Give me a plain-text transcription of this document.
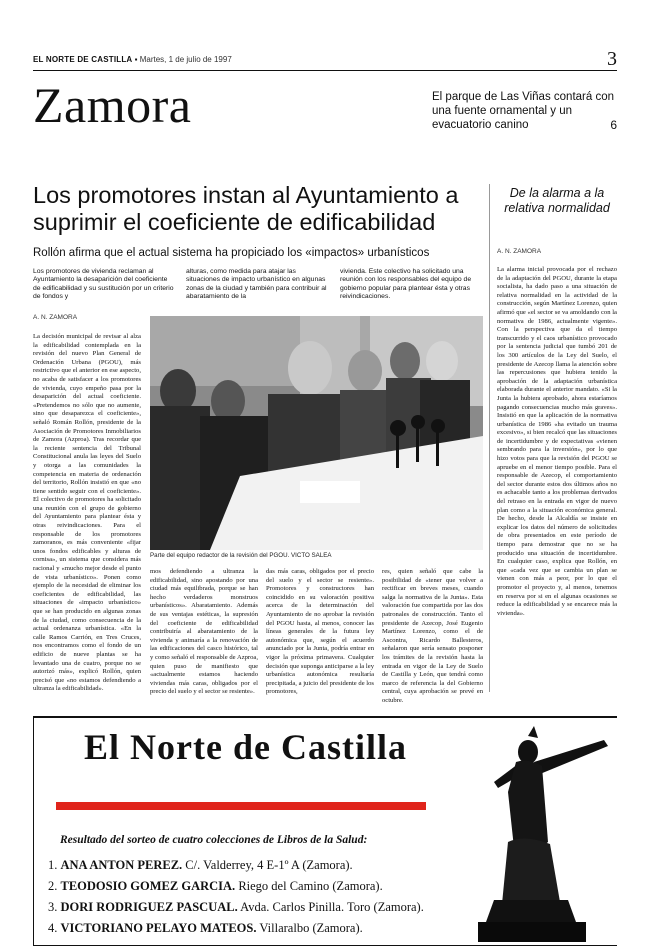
EL NORTE DE CASTILLA ▪ Martes, 1 de julio de 1997	3
Zamora	El parque de Las Viñas contará con una fuente ornamental y un evacuatorio canino	6
Los promotores instan al Ayuntamiento a suprimir el coeficiente de edificabilidad
Rollón afirma que el actual sistema ha propiciado los «impactos» urbanísticos
Los promotores de vivienda reclaman al Ayuntamiento la desaparición del coeficiente de edificabilidad y su sustitución por un criterio de fondos y
alturas, como medida para atajar las situaciones de impacto urbanístico en algunas zonas de la ciudad y también para contribuir al abaratamiento de la
vivienda. Este colectivo ha solicitado una reunión con los responsables del equipo de gobierno popular para plantear ésta y otras reivindicaciones.
A. N. ZAMORA
La decisión municipal de revisar al alza la edificabilidad contemplada en la revisión del nuevo Plan General de Ordenación Urbana (PGOU), más restrictivo que el anterior en ese aspecto, no acaba de satisfacer a los promotores de vivienda, cuyo empeño pasa por la desaparición del actual coeficiente. «Pretendemos no sólo que no aumente, sino que desaparezca el coeficiente», señaló Román Rollón, presidente de la Asociación de Promotores Inmobiliarios de Zamora (Azproa). Tras recordar que la reciente sentencia del Tribunal Constitucional anula las leyes del Suelo y otorga a las comunidades la competencia en materia de ordenación del territorio, Rollón insistió en que «no tiene sentido seguir con el coeficiente». El colectivo de promotores ha solicitado una reunión con el grupo de gobierno del Ayuntamiento para plantear ésta y otras reivindicaciones. Para el responsable de los promotores zamoranos, es más conveniente «fijar unos fondos edificables y alturas de cornisa», un sistema que considera más racional y «mucho mejor desde el punto de vista urbanístico». Ponen como ejemplo de la necesidad de eliminar los coeficientes de edificabilidad, las situaciones de «impacto urbanístico» que se han producido en algunas zonas de la ciudad, como consecuencia de la actual ordenanza urbanística. «En la calle Ramos Carrión, en Tres Cruces, nos encontramos como el fondo de un edificio de nueve plantas se ha levantado una de cuatro, porque no se autorizó más», explicó Rollón, quien precisó que «no estamos defendiendo a ultranza la edificabilidad».
Parte del equipo redactor de la revisión del PGOU. VICTO SALEA
mos defendiendo a ultranza la edificabilidad, sino apostando por una ciudad más equilibrada, porque se han hecho verdaderos monstruos urbanísticos». Abaratamiento. Además de sus ventajas estéticas, la supresión del coeficiente de edificabilidad contribuiría al abaratamiento de la vivienda y animaría a la renovación de las edificaciones del casco histórico, tal y como señaló el responsable de Azproa, quien puso de manifiesto que «actualmente estamos haciendo viviendas más caras, obligados por el precio del suelo y el sector se resiente».
das más caras, obligados por el precio del suelo y el sector se resiente». Promotores y constructores han coincidido en su valoración positiva acerca de la determinación del Ayuntamiento de no aprobar la revisión del PGOU hasta, al menos, conocer las líneas generales de la futura ley autonómica que, según el acuerdo anunciado por la Junta, podría entrar en vigor la próxima primavera. Cualquier decisión que suponga anticiparse a la ley urbanística autonómica resultaría precipitada, a juicio del presidente de los promotores,
res, quien señaló que cabe la posibilidad de «tener que volver a rectificar en breves meses, cuando salga la normativa de la Junta». Esta valoración fue compartida por las dos patronales de construcción. Tanto el presidente de Azecop, José Eugenio Martínez Lorenzo, como el de Ascontra, Ricardo Ballesteros, señalaron que sería sensato posponer los trámites de la revisión hasta la entrada en vigor de la Ley de Suelo de Castilla y León, que tendrá como marco de referencia la del Gobierno central, cuya aprobación se prevé en octubre.
De la alarma a la relativa normalidad
A. N. ZAMORA
La alarma inicial provocada por el rechazo de la adaptación del PGOU, durante la etapa socialista, ha dado paso a una situación de relativa normalidad en la actividad de la construcción, según Martínez Lorenzo, quien afirmó que «el sector se va amoldando con la normativa de 1986, actualmente vigente». Con la perspectiva que da el tiempo transcurrido y el caos urbanístico provocado por la sentencia judicial que tumbó 201 de los 300 artículos de la Ley del Suelo, el presidente de Azecop llama la atención sobre las repercusiones que hubiera tenido la aprobación de la adaptación urbanística elaborada durante el anterior mandato. «Si la Junta la hubiera aprobado, ahora estaríamos pagando consecuencias mucho más graves». Insistió en que la aplicación de la normativa urbanística de 1986 «ha evitado un trauma excesivo», si bien recalcó que las situaciones de incertidumbre y de expectativas «vienen sembrando para la inversión», por lo que hizo votos para que la revisión del PGOU se apruebe en el menor tiempo posible. Para el responsable de Azecop, el comportamiento del sector durante estos dos últimos años no es achacable tanto a los problemas derivados del retraso en la entrada en vigor de nuevo plan como a la situación económica general. De hecho, desde la Alcaldía se insiste en explicar los datos del número de solicitudes de obra presentados en este período de tiempo para demostrar que no se ha producido una situación de incertidumbre. En cualquier caso, explica que Rollón, en que «cada vez que se cambia un plan se vienen con más a peor, por lo que el promotor el proyecto y, al menos, tenemos en reserva por si en el algunas ocasiones se reduce la edificabilidad y se encarece más la vivienda».
El Norte de Castilla
Resultado del sorteo de cuatro colecciones de Libros de la Salud:
1. ANA ANTON PEREZ. C/. Valderrey, 4 E-1º A (Zamora).
2. TEODOSIO GOMEZ GARCIA. Riego del Camino (Zamora).
3. DORI RODRIGUEZ PASCUAL. Avda. Carlos Pinilla. Toro (Zamora).
4. VICTORIANO PELAYO MATEOS. Villaralbo (Zamora).
